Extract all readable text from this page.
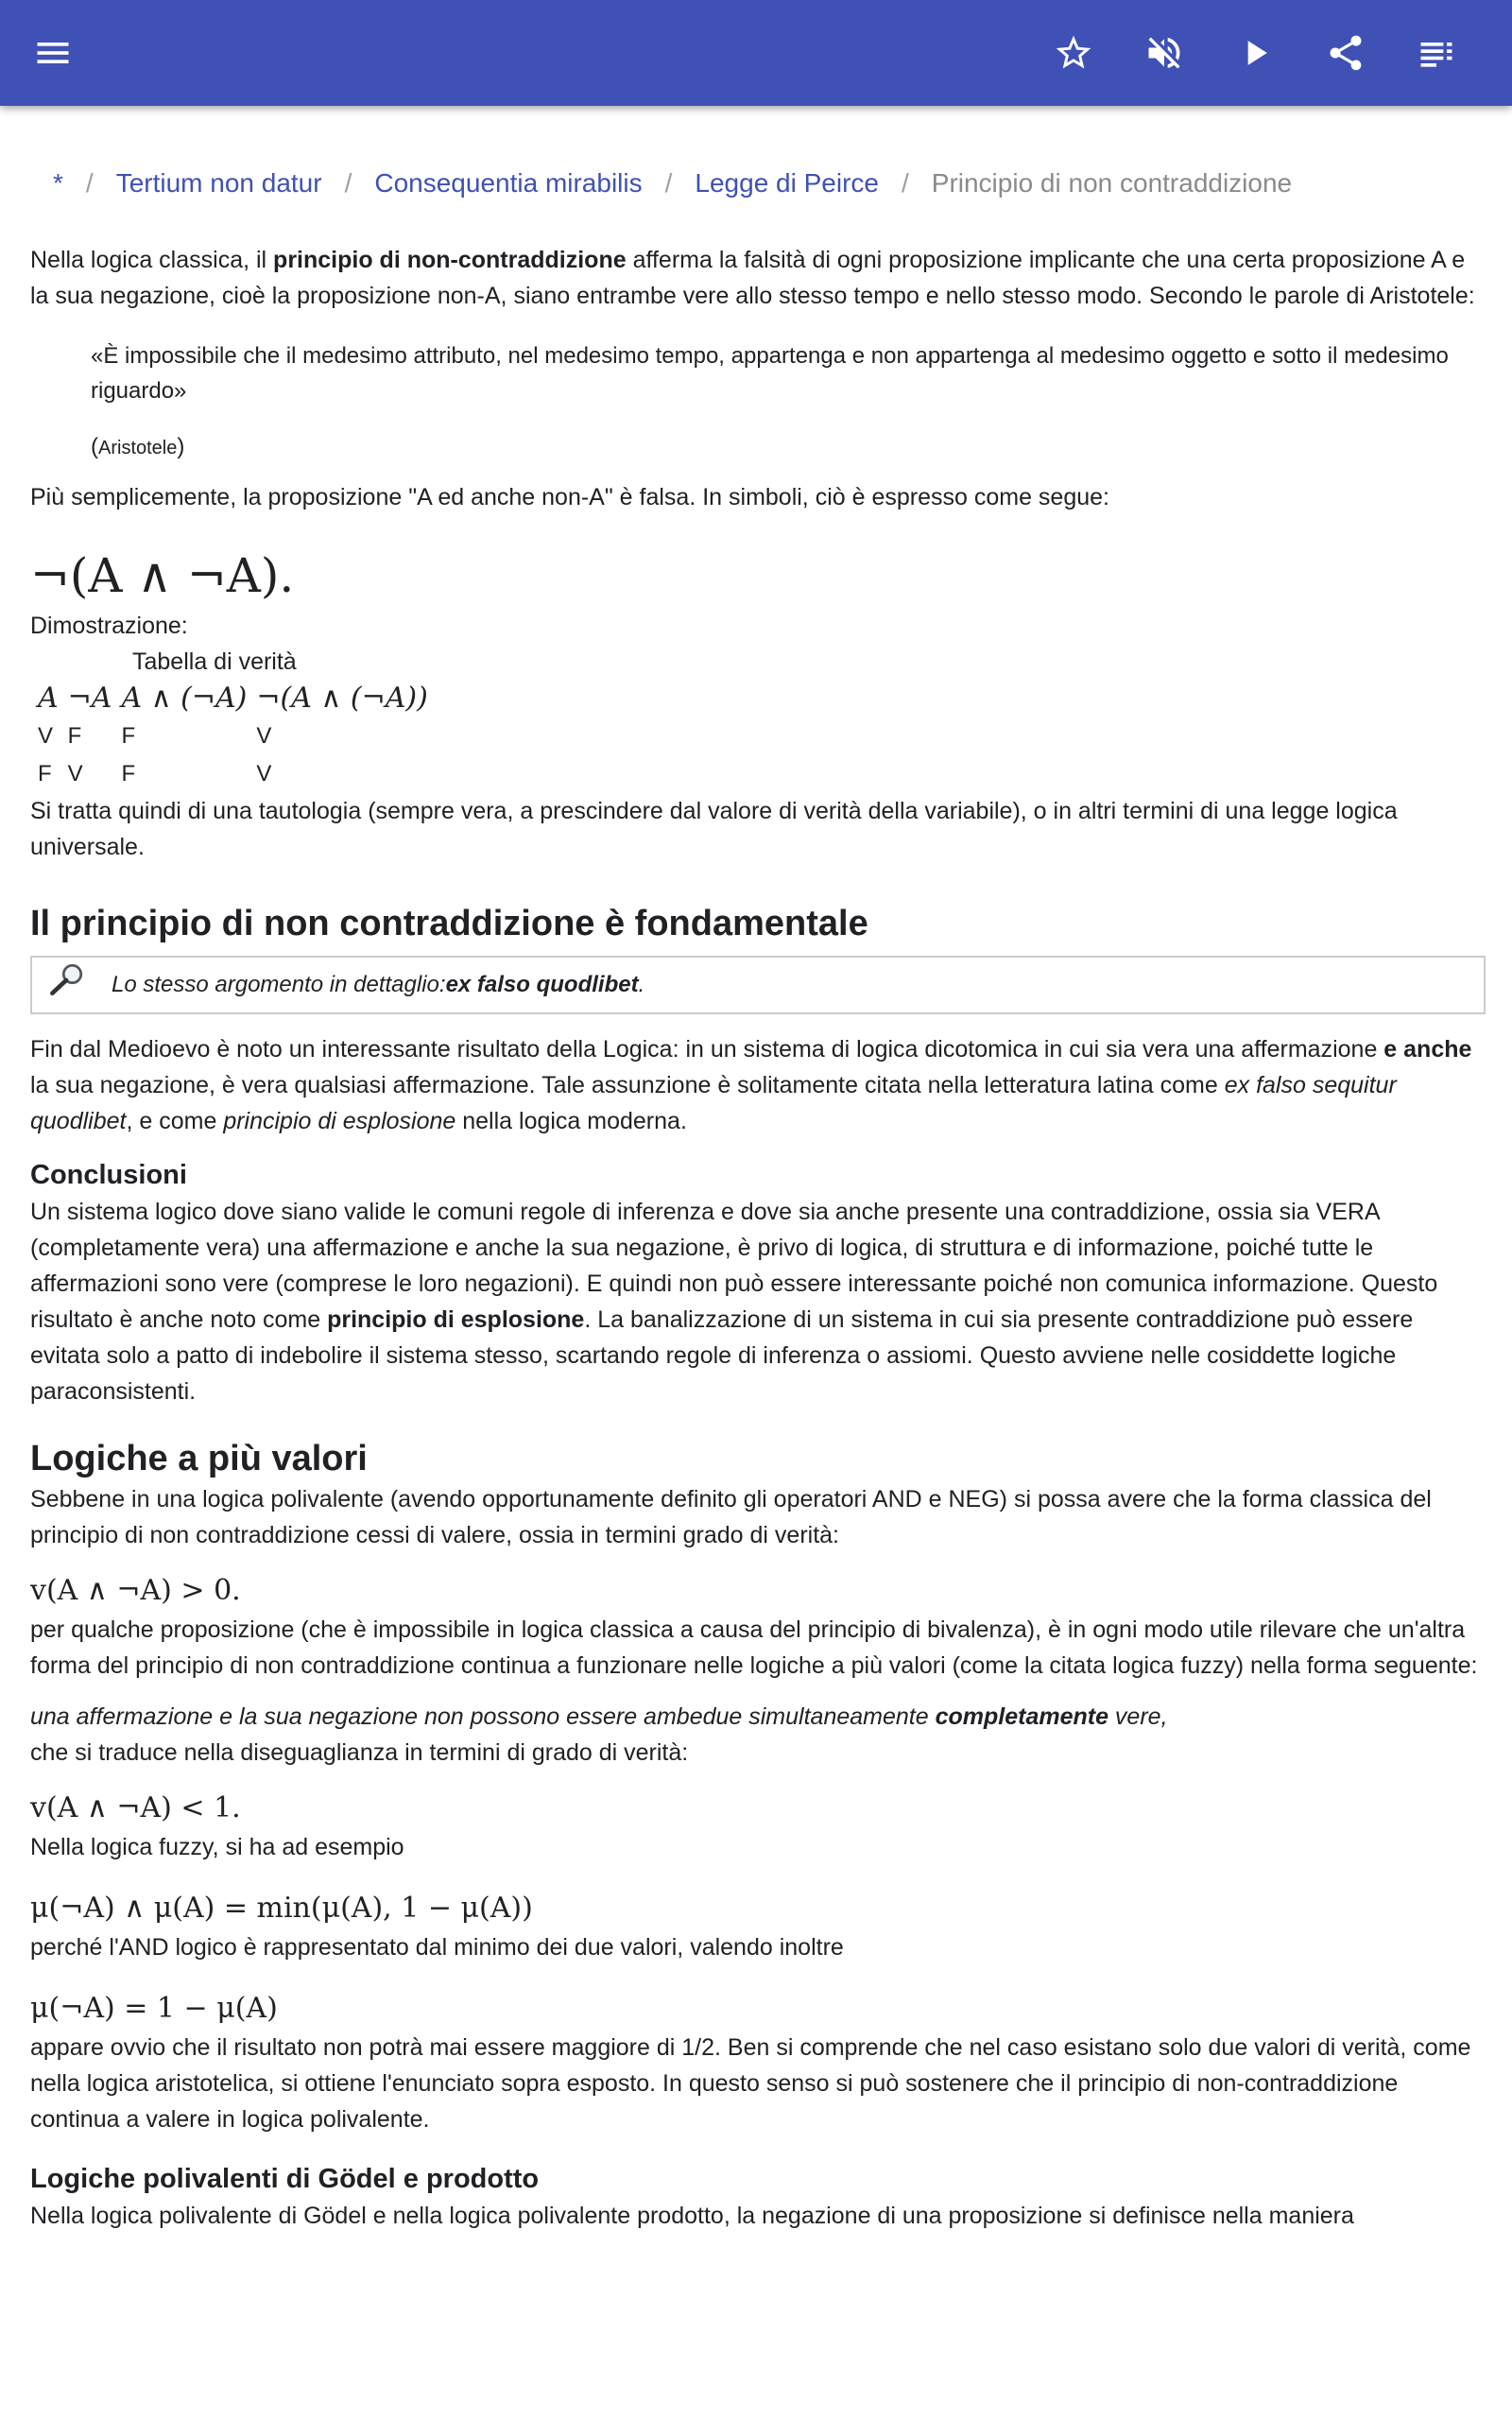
* / Tertium non datur / Consequentia mirabilis / Legge di Peirce / Principio di non contraddizione

Nella logica classica, il principio di non-contraddizione afferma la falsità di ogni proposizione implicante che una certa proposizione A e la sua negazione, cioè la proposizione non-A, siano entrambe vere allo stesso tempo e nello stesso modo. Secondo le parole di Aristotele:

«È impossibile che il medesimo attributo, nel medesimo tempo, appartenga e non appartenga al medesimo oggetto e sotto il medesimo riguardo»

(Aristotele)

Più semplicemente, la proposizione "A ed anche non-A" è falsa. In simboli, ciò è espresso come segue:

¬(A ∧ ¬A).

Dimostrazione:

Tabella di verità
A	¬A	A ∧ (¬A)	¬(A ∧ (¬A))
V	F	F	V
F	V	F	V

Si tratta quindi di una tautologia (sempre vera, a prescindere dal valore di verità della variabile), o in altri termini di una legge logica universale.

Il principio di non contraddizione è fondamentale
Lo stesso argomento in dettaglio: ex falso quodlibet .

Fin dal Medioevo è noto un interessante risultato della Logica: in un sistema di logica dicotomica in cui sia vera una affermazione e anche la sua negazione, è vera qualsiasi affermazione. Tale assunzione è solitamente citata nella letteratura latina come ex falso sequitur quodlibet, e come principio di esplosione nella logica moderna.

Conclusioni

Un sistema logico dove siano valide le comuni regole di inferenza e dove sia anche presente una contraddizione, ossia sia VERA (completamente vera) una affermazione e anche la sua negazione, è privo di logica, di struttura e di informazione, poiché tutte le affermazioni sono vere (comprese le loro negazioni). E quindi non può essere interessante poiché non comunica informazione. Questo risultato è anche noto come principio di esplosione. La banalizzazione di un sistema in cui sia presente contraddizione può essere evitata solo a patto di indebolire il sistema stesso, scartando regole di inferenza o assiomi. Questo avviene nelle cosiddette logiche paraconsistenti.

Logiche a più valori

Sebbene in una logica polivalente (avendo opportunamente definito gli operatori AND e NEG) si possa avere che la forma classica del principio di non contraddizione cessi di valere, ossia in termini grado di verità:

v(A ∧ ¬A) > 0.

per qualche proposizione (che è impossibile in logica classica a causa del principio di bivalenza), è in ogni modo utile rilevare che un'altra forma del principio di non contraddizione continua a funzionare nelle logiche a più valori (come la citata logica fuzzy) nella forma seguente:

una affermazione e la sua negazione non possono essere ambedue simultaneamente completamente vere,

che si traduce nella diseguaglianza in termini di grado di verità:

v(A ∧ ¬A) < 1.

Nella logica fuzzy, si ha ad esempio

μ(¬A) ∧ μ(A) = min(μ(A), 1 − μ(A))

perché l'AND logico è rappresentato dal minimo dei due valori, valendo inoltre

μ(¬A) = 1 − μ(A)

appare ovvio che il risultato non potrà mai essere maggiore di 1/2. Ben si comprende che nel caso esistano solo due valori di verità, come nella logica aristotelica, si ottiene l'enunciato sopra esposto. In questo senso si può sostenere che il principio di non-contraddizione continua a valere in logica polivalente.

Logiche polivalenti di Gödel e prodotto

Nella logica polivalente di Gödel e nella logica polivalente prodotto, la negazione di una proposizione si definisce nella maniera
